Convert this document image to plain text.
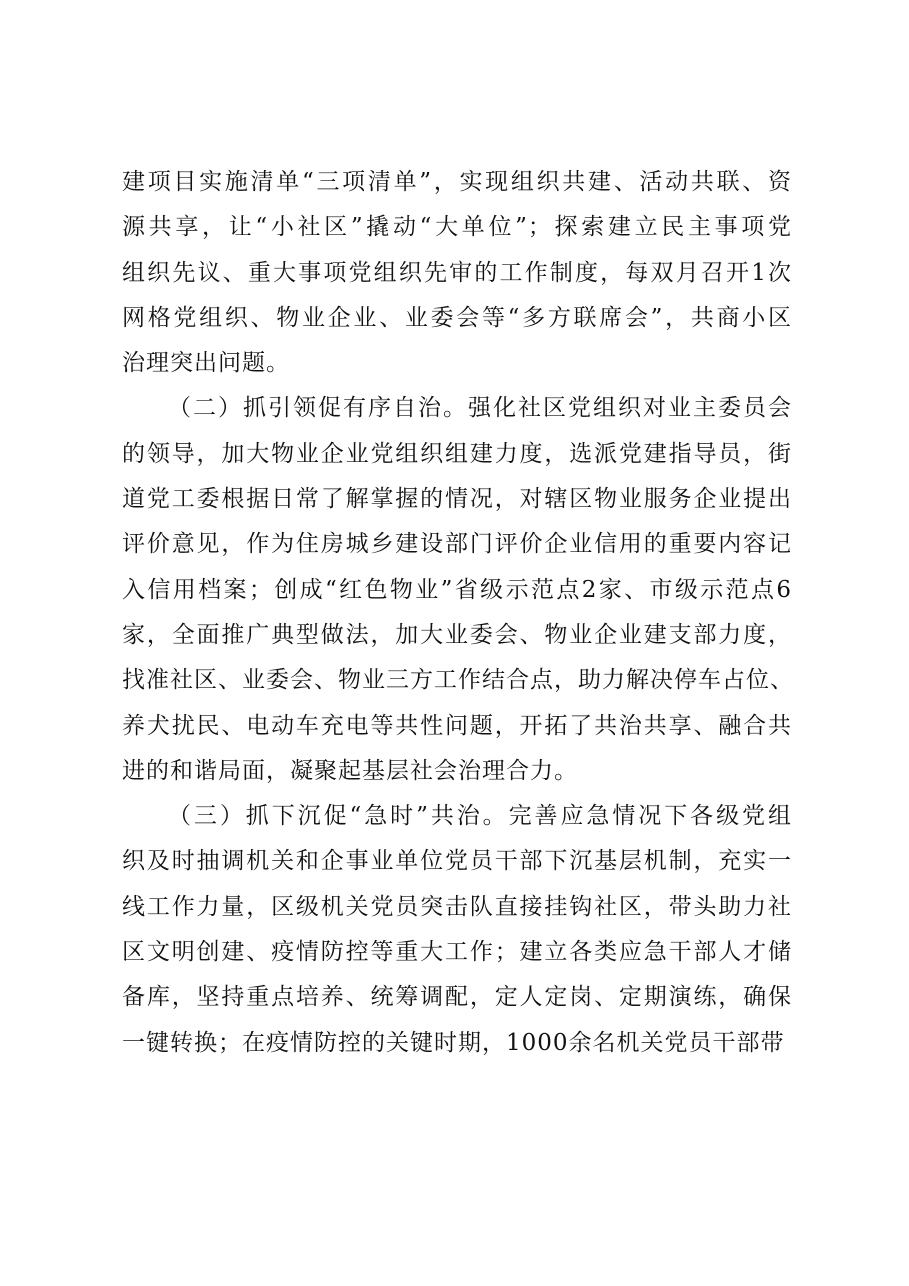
建项目实施清单“三项清单”，实现组织共建、活动共联、资
源共享，让“小社区”撬动“大单位”；探索建立民主事项党
组织先议、重大事项党组织先审的工作制度，每双月召开1次
网格党组织、物业企业、业委会等“多方联席会”，共商小区
治理突出问题。
（二）抓引领促有序自治。强化社区党组织对业主委员会
的领导，加大物业企业党组织组建力度，选派党建指导员，街
道党工委根据日常了解掌握的情况，对辖区物业服务企业提出
评价意见，作为住房城乡建设部门评价企业信用的重要内容记
入信用档案；创成“红色物业”省级示范点2家、市级示范点6
家，全面推广典型做法，加大业委会、物业企业建支部力度，
找准社区、业委会、物业三方工作结合点，助力解决停车占位、
养犬扰民、电动车充电等共性问题，开拓了共治共享、融合共
进的和谐局面，凝聚起基层社会治理合力。
（三）抓下沉促“急时”共治。完善应急情况下各级党组
织及时抽调机关和企事业单位党员干部下沉基层机制，充实一
线工作力量，区级机关党员突击队直接挂钩社区，带头助力社
区文明创建、疫情防控等重大工作；建立各类应急干部人才储
备库，坚持重点培养、统筹调配，定人定岗、定期演练，确保
一键转换；在疫情防控的关键时期，1000余名机关党员干部带
